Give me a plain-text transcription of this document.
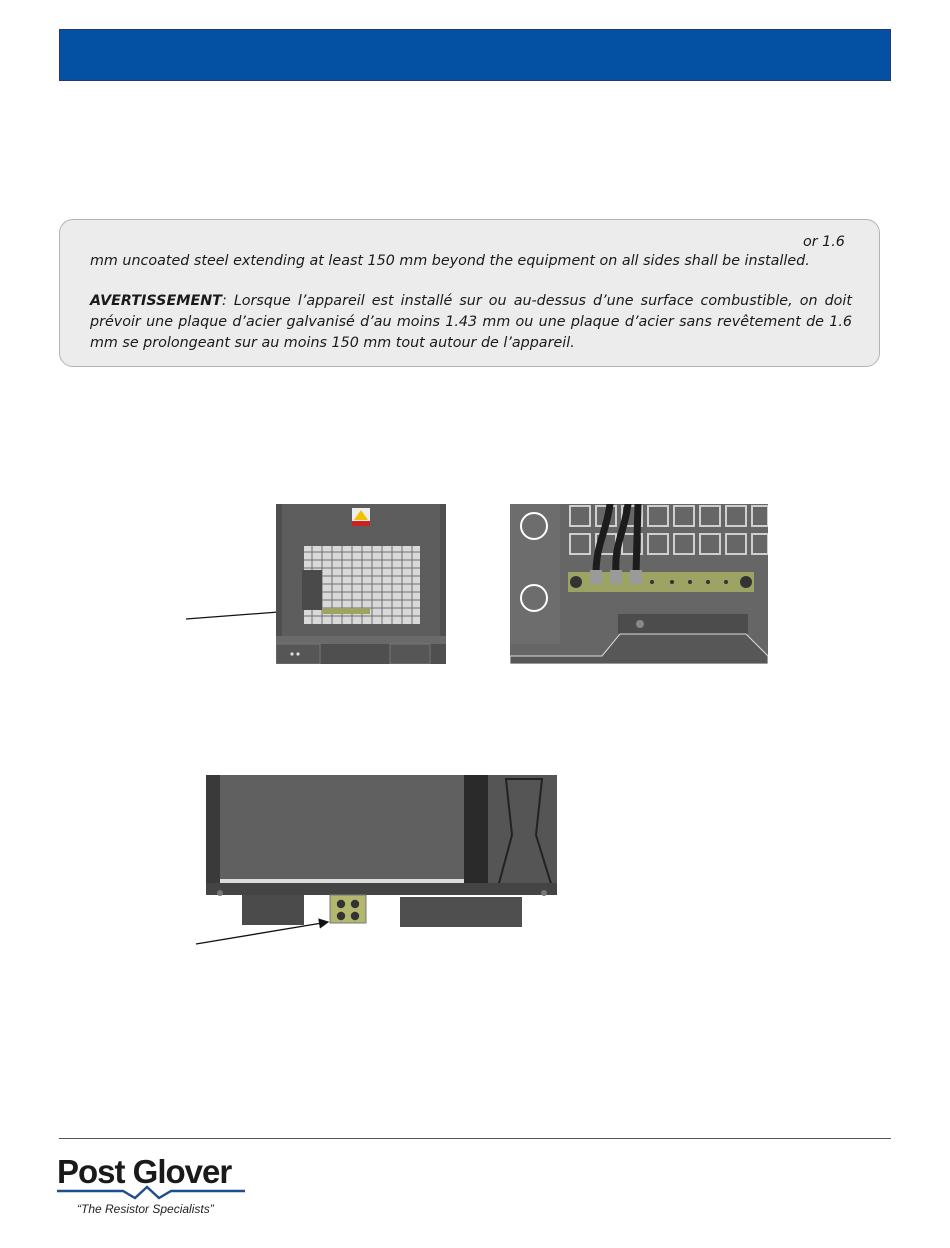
or 1.6
mm uncoated steel extending at least 150 mm beyond the equipment on all sides shall be installed.
AVERTISSEMENT: Lorsque l’appareil est installé sur ou au-dessus d’une surface combustible, on doit prévoir une plaque d’acier galvanisé d’au moins 1.43 mm ou une plaque d’acier sans revêtement de 1.6 mm se prolongeant sur au moins 150 mm tout autour de l’appareil.
Post Glover
“The Resistor Specialists”
